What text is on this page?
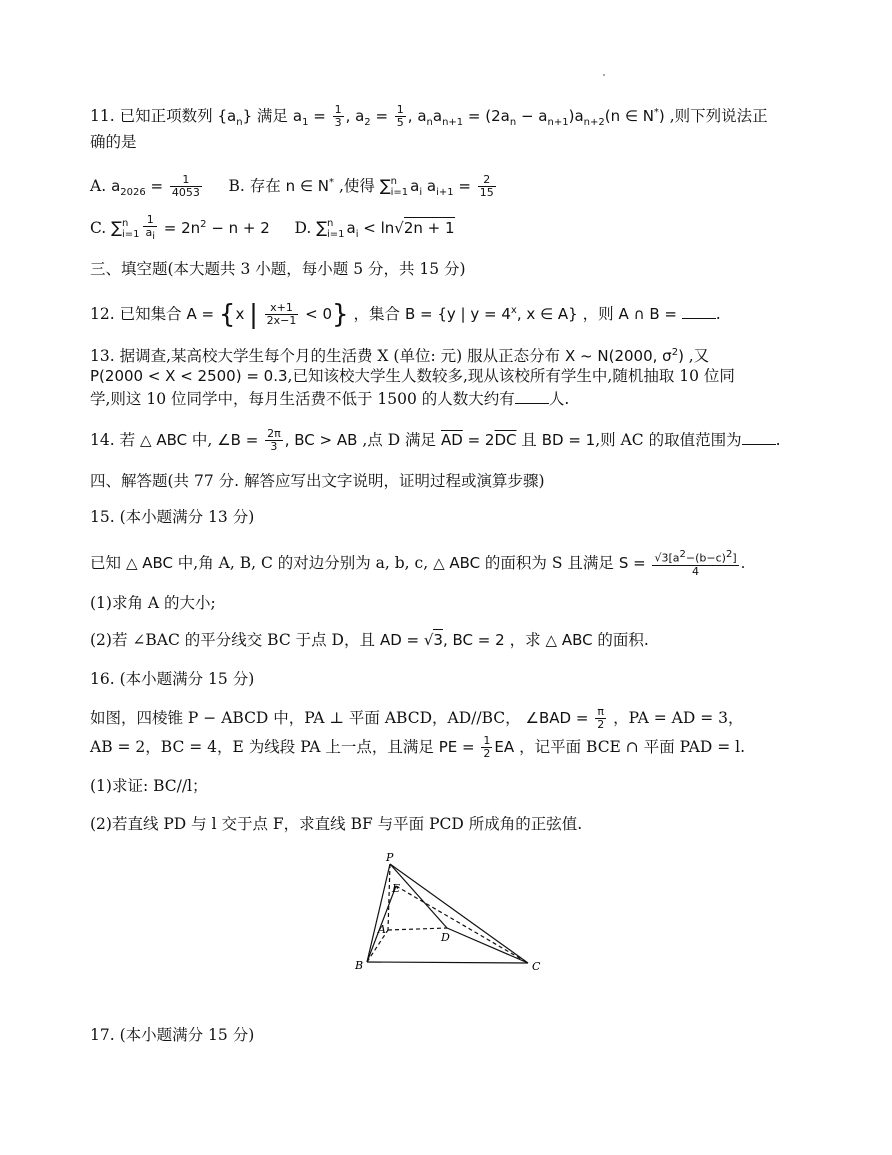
11. 已知正项数列 $\{a_n\}$ 满足 $a_1 = \frac{1}{3}$ , $a_2 = \frac{1}{5}$ , $a_na_{n+1} = (2a_n - a_{n+1})a_{n+2}(n$ ∈ N*) ,则下列说法正
确的是
A. $a_{2026} = \frac{1}{4053} B$. 存在 n ∈ N* ,使得 ∑n
i=1 $a_i$ $a_{i+1} = \frac{2}{15}$
C. ∑n
$i=1 \frac{1}{a_i} = 2n^2 - n + 2$ D. ∑n
i=1 $a_i < \ln√2n + 1$
三、填空题(本大题共 3 小题，每小题 5 分，共 15 分)
12. 已知集合 A = {x | $\frac{x+1}{2x-1} < 0$} ，集合 B = {y | $y = 4^x$, x ∈ A} ，则 A ∩ B = .
13. 据调查,某高校大学生每个月的生活费 X (单位: 元) 服从正态分布 X ~ N(2000, $\sigma^2$) ,又
P(2000 < X < 2500) = 0.3,已知该校大学生人数较多,现从该校所有学生中,随机抽取 10 位同
学,则这 10 位同学中，每月生活费不低于 1500 的人数大约有 人.
14. 若 △ ABC 中, ∠B = $\frac{2\pi}{3}$ , BC > AB ,点 D 满足 $\overline{AD} = 2\overline{DC}$ 且 BD = 1,则 AC 的取值范围为 .
四、解答题(共 77 分. 解答应写出文字说明，证明过程或演算步骤)
15. (本小题满分 13 分)
已知 △ ABC 中,角 A, B, C 的对边分别为 a, b, c, △ ABC 的面积为 S 且满足 $S = \frac{√3[a^2-(b-c)^2]}{4}$ .
(1)求角 A 的大小;
(2)若 ∠BAC 的平分线交 BC 于点 D，且 AD = √3, BC = 2 ，求 △ ABC 的面积.
16. (本小题满分 15 分)
如图，四棱锥 P − ABCD 中，PA ⊥ 平面 ABCD，AD//BC， ∠BAD = $\frac{\pi}{2}$ ，PA = AD = 3，
AB = 2，BC = 4，E 为线段 PA 上一点，且满足 PE = $\frac{1}{2}$ EA ，记平面 BCE ∩ 平面 PAD = l.
(1)求证: BC//l；
(2)若直线 PD 与 l 交于点 F，求直线 BF 与平面 PCD 所成角的正弦值.
P
E
A
D
B	C
17. (本小题满分 15 分)
